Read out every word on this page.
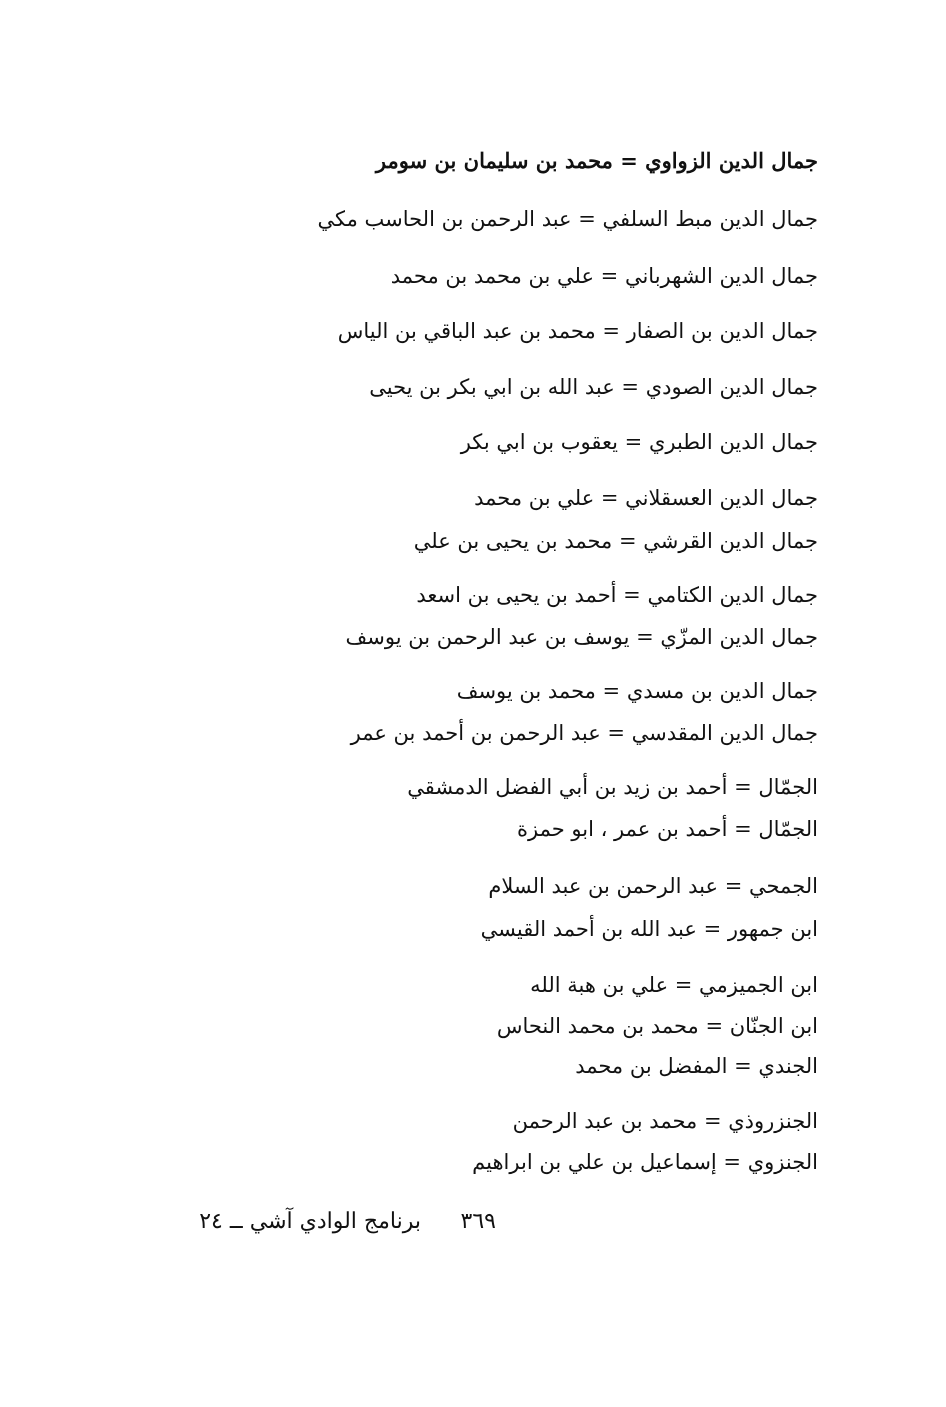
جمال الدين الزواوي = محمد بن سليمان بن سومر
جمال الدين مبط السلفي = عبد الرحمن بن الحاسب مكي
جمال الدين الشهرباني = علي بن محمد بن محمد
جمال الدين بن الصفار = محمد بن عبد الباقي بن الياس
جمال الدين الصودي = عبد الله بن ابي بكر بن يحيى
جمال الدين الطبري = يعقوب بن ابي بكر
جمال الدين العسقلاني = علي بن محمد
جمال الدين القرشي = محمد بن يحيى بن علي
جمال الدين الكتامي = أحمد بن يحيى بن اسعد
جمال الدين المزّي = يوسف بن عبد الرحمن بن يوسف
جمال الدين بن مسدي = محمد بن يوسف
جمال الدين المقدسي = عبد الرحمن بن أحمد بن عمر
الجمّال = أحمد بن زيد بن أبي الفضل الدمشقي
الجمّال = أحمد بن عمر ، ابو حمزة
الجمحي = عبد الرحمن بن عبد السلام
ابن جمهور = عبد الله بن أحمد القيسي
ابن الجميزمي = علي بن هبة الله
ابن الجنّان = محمد بن محمد النحاس
الجندي = المفضل بن محمد
الجنزروذي = محمد بن عبد الرحمن
الجنزوي = إسماعيل بن علي بن ابراهيم
٣٦٩
برنامج الوادي آشي ــ ٢٤
